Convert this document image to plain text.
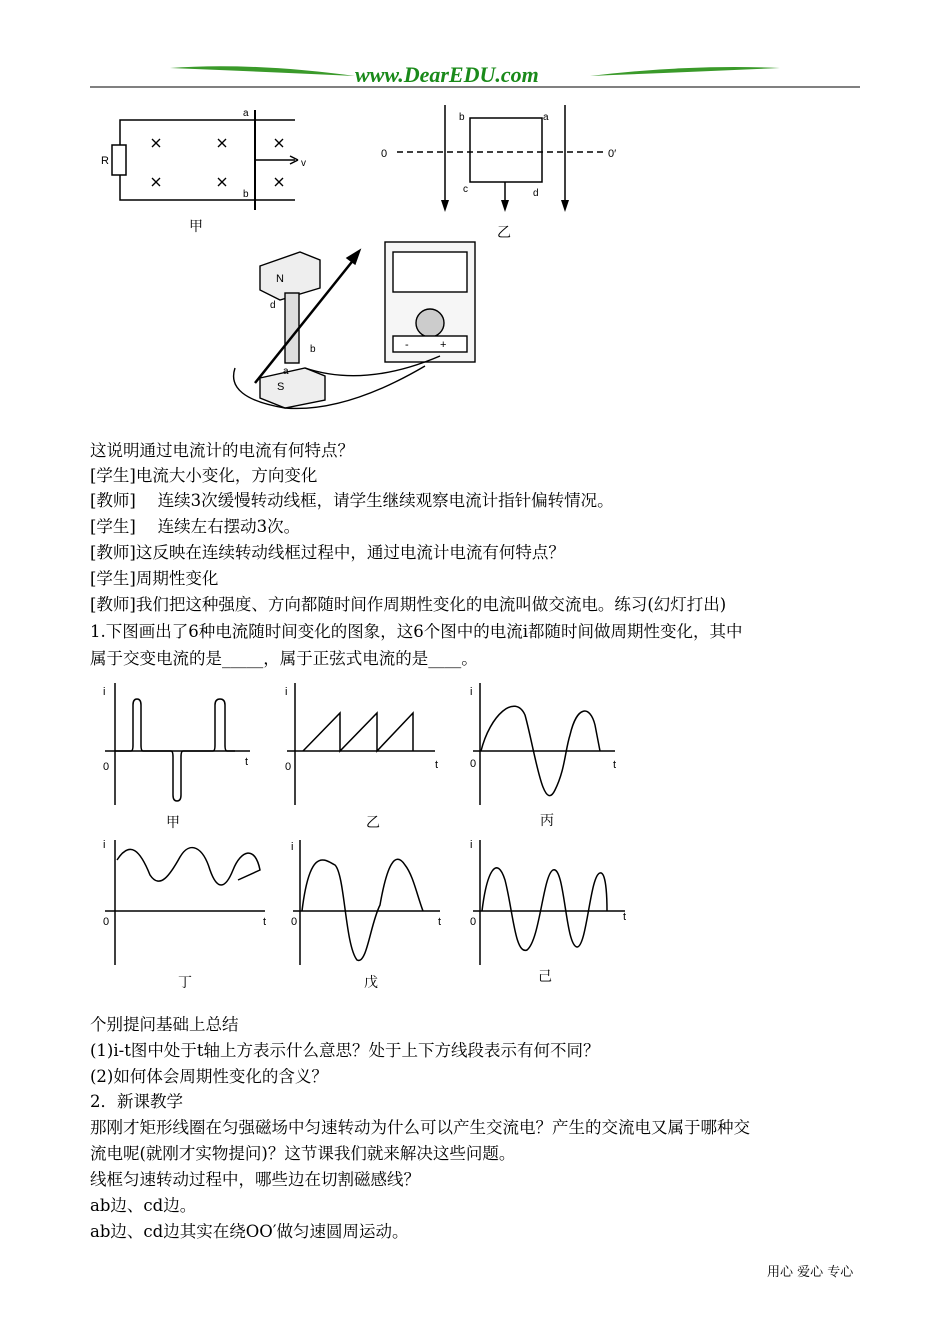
www.DearEDU.com
R
a
b
v
甲
0	0′
a
b
c	d
乙
N
S
d
b
a
-	+
这说明通过电流计的电流有何特点？
[学生]电流大小变化，方向变化
[教师]　 连续3次缓慢转动线框，请学生继续观察电流计指针偏转情况。
[学生]　 连续左右摆动3次。
[教师]这反映在连续转动线框过程中，通过电流计电流有何特点？
[学生]周期性变化
[教师]我们把这种强度、方向都随时间作周期性变化的电流叫做交流电。练习(幻灯打出)
1.下图画出了6种电流随时间变化的图象，这6个图中的电流i都随时间做周期性变化，其中
属于交变电流的是_____，属于正弦式电流的是____。
i
0	t
i
0	t
i
0	t
i
0	t
i
0	t
i
0	t
甲	乙	丙
丁	戊	己
个别提问基础上总结
(1)i-t图中处于t轴上方表示什么意思？处于上下方线段表示有何不同？
(2)如何体会周期性变化的含义？
2．新课教学
那刚才矩形线圈在匀强磁场中匀速转动为什么可以产生交流电？产生的交流电又属于哪种交
流电呢(就刚才实物提问)？这节课我们就来解决这些问题。
线框匀速转动过程中，哪些边在切割磁感线？
ab边、cd边。
ab边、cd边其实在绕OO′做匀速圆周运动。
用心 爱心 专心
